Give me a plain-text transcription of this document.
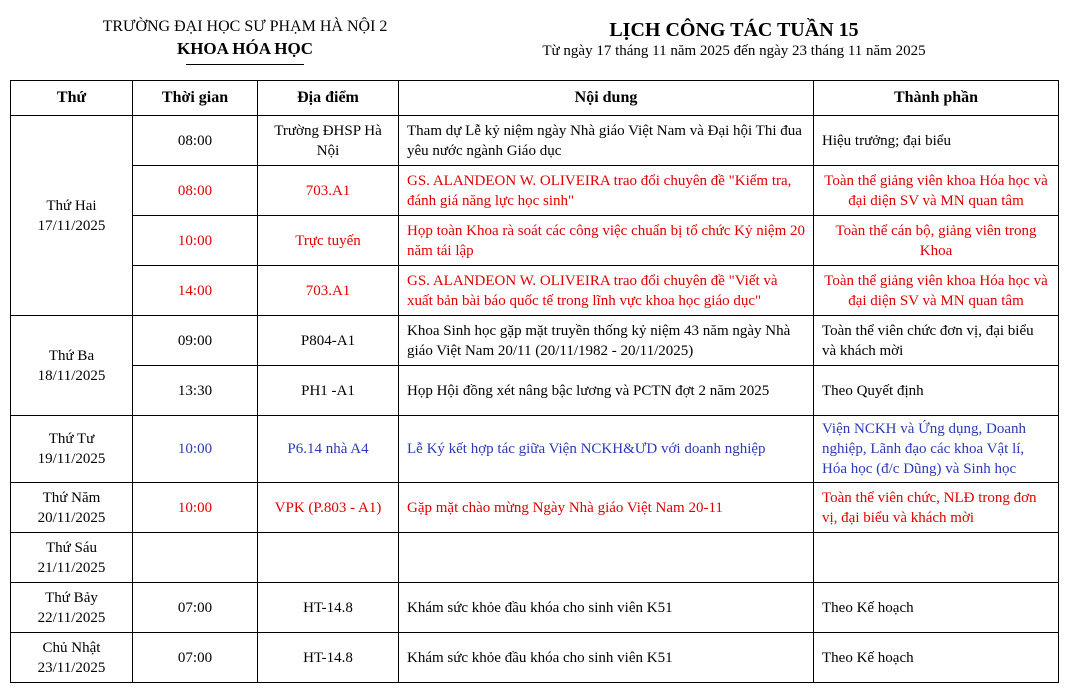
TRƯỜNG ĐẠI HỌC SƯ PHẠM HÀ NỘI 2
KHOA HÓA HỌC
LỊCH CÔNG TÁC TUẦN 15
Từ ngày 17 tháng 11 năm 2025 đến ngày 23 tháng 11 năm 2025
Thứ	Thời gian	Địa điểm	Nội dung	Thành phần

Thứ Hai
17/11/2025	08:00	Trường ĐHSP Hà Nội	Tham dự Lễ kỷ niệm ngày Nhà giáo Việt Nam và Đại hội Thi đua yêu nước ngành Giáo dục	Hiệu trưởng; đại biểu
	08:00	703.A1	GS. ALANDEON W. OLIVEIRA trao đổi chuyên đề "Kiểm tra, đánh giá năng lực học sinh"	Toàn thể giảng viên khoa Hóa học và đại diện SV và MN quan tâm
	10:00	Trực tuyến	Họp toàn Khoa rà soát các công việc chuẩn bị tổ chức Kỷ niệm 20 năm tái lập	Toàn thể cán bộ, giảng viên trong Khoa
	14:00	703.A1	GS. ALANDEON W. OLIVEIRA trao đổi chuyên đề "Viết và xuất bản bài báo quốc tế trong lĩnh vực khoa học giáo dục"	Toàn thể giảng viên khoa Hóa học và đại diện SV và MN quan tâm

Thứ Ba
18/11/2025	09:00	P804-A1	Khoa Sinh học gặp mặt truyền thống kỷ niệm 43 năm ngày Nhà giáo Việt Nam 20/11 (20/11/1982 - 20/11/2025)	Toàn thể viên chức đơn vị, đại biểu và khách mời
	13:30	PH1 -A1	Họp Hội đồng xét nâng bậc lương và PCTN đợt 2 năm 2025	Theo Quyết định

Thứ Tư
19/11/2025	10:00	P6.14 nhà A4	Lễ Ký kết hợp tác giữa Viện NCKH&ƯD với doanh nghiệp	Viện NCKH và Ứng dụng, Doanh nghiệp, Lãnh đạo các khoa Vật lí, Hóa học (đ/c Dũng) và Sinh học

Thứ Năm
20/11/2025	10:00	VPK (P.803 - A1)	Gặp mặt chào mừng Ngày Nhà giáo Việt Nam 20-11	Toàn thể viên chức, NLĐ trong đơn vị, đại biểu và khách mời

Thứ Sáu
21/11/2025				

Thứ Bảy
22/11/2025	07:00	HT-14.8	Khám sức khỏe đầu khóa cho sinh viên K51	Theo Kế hoạch

Chủ Nhật
23/11/2025	07:00	HT-14.8	Khám sức khỏe đầu khóa cho sinh viên K51	Theo Kế hoạch
